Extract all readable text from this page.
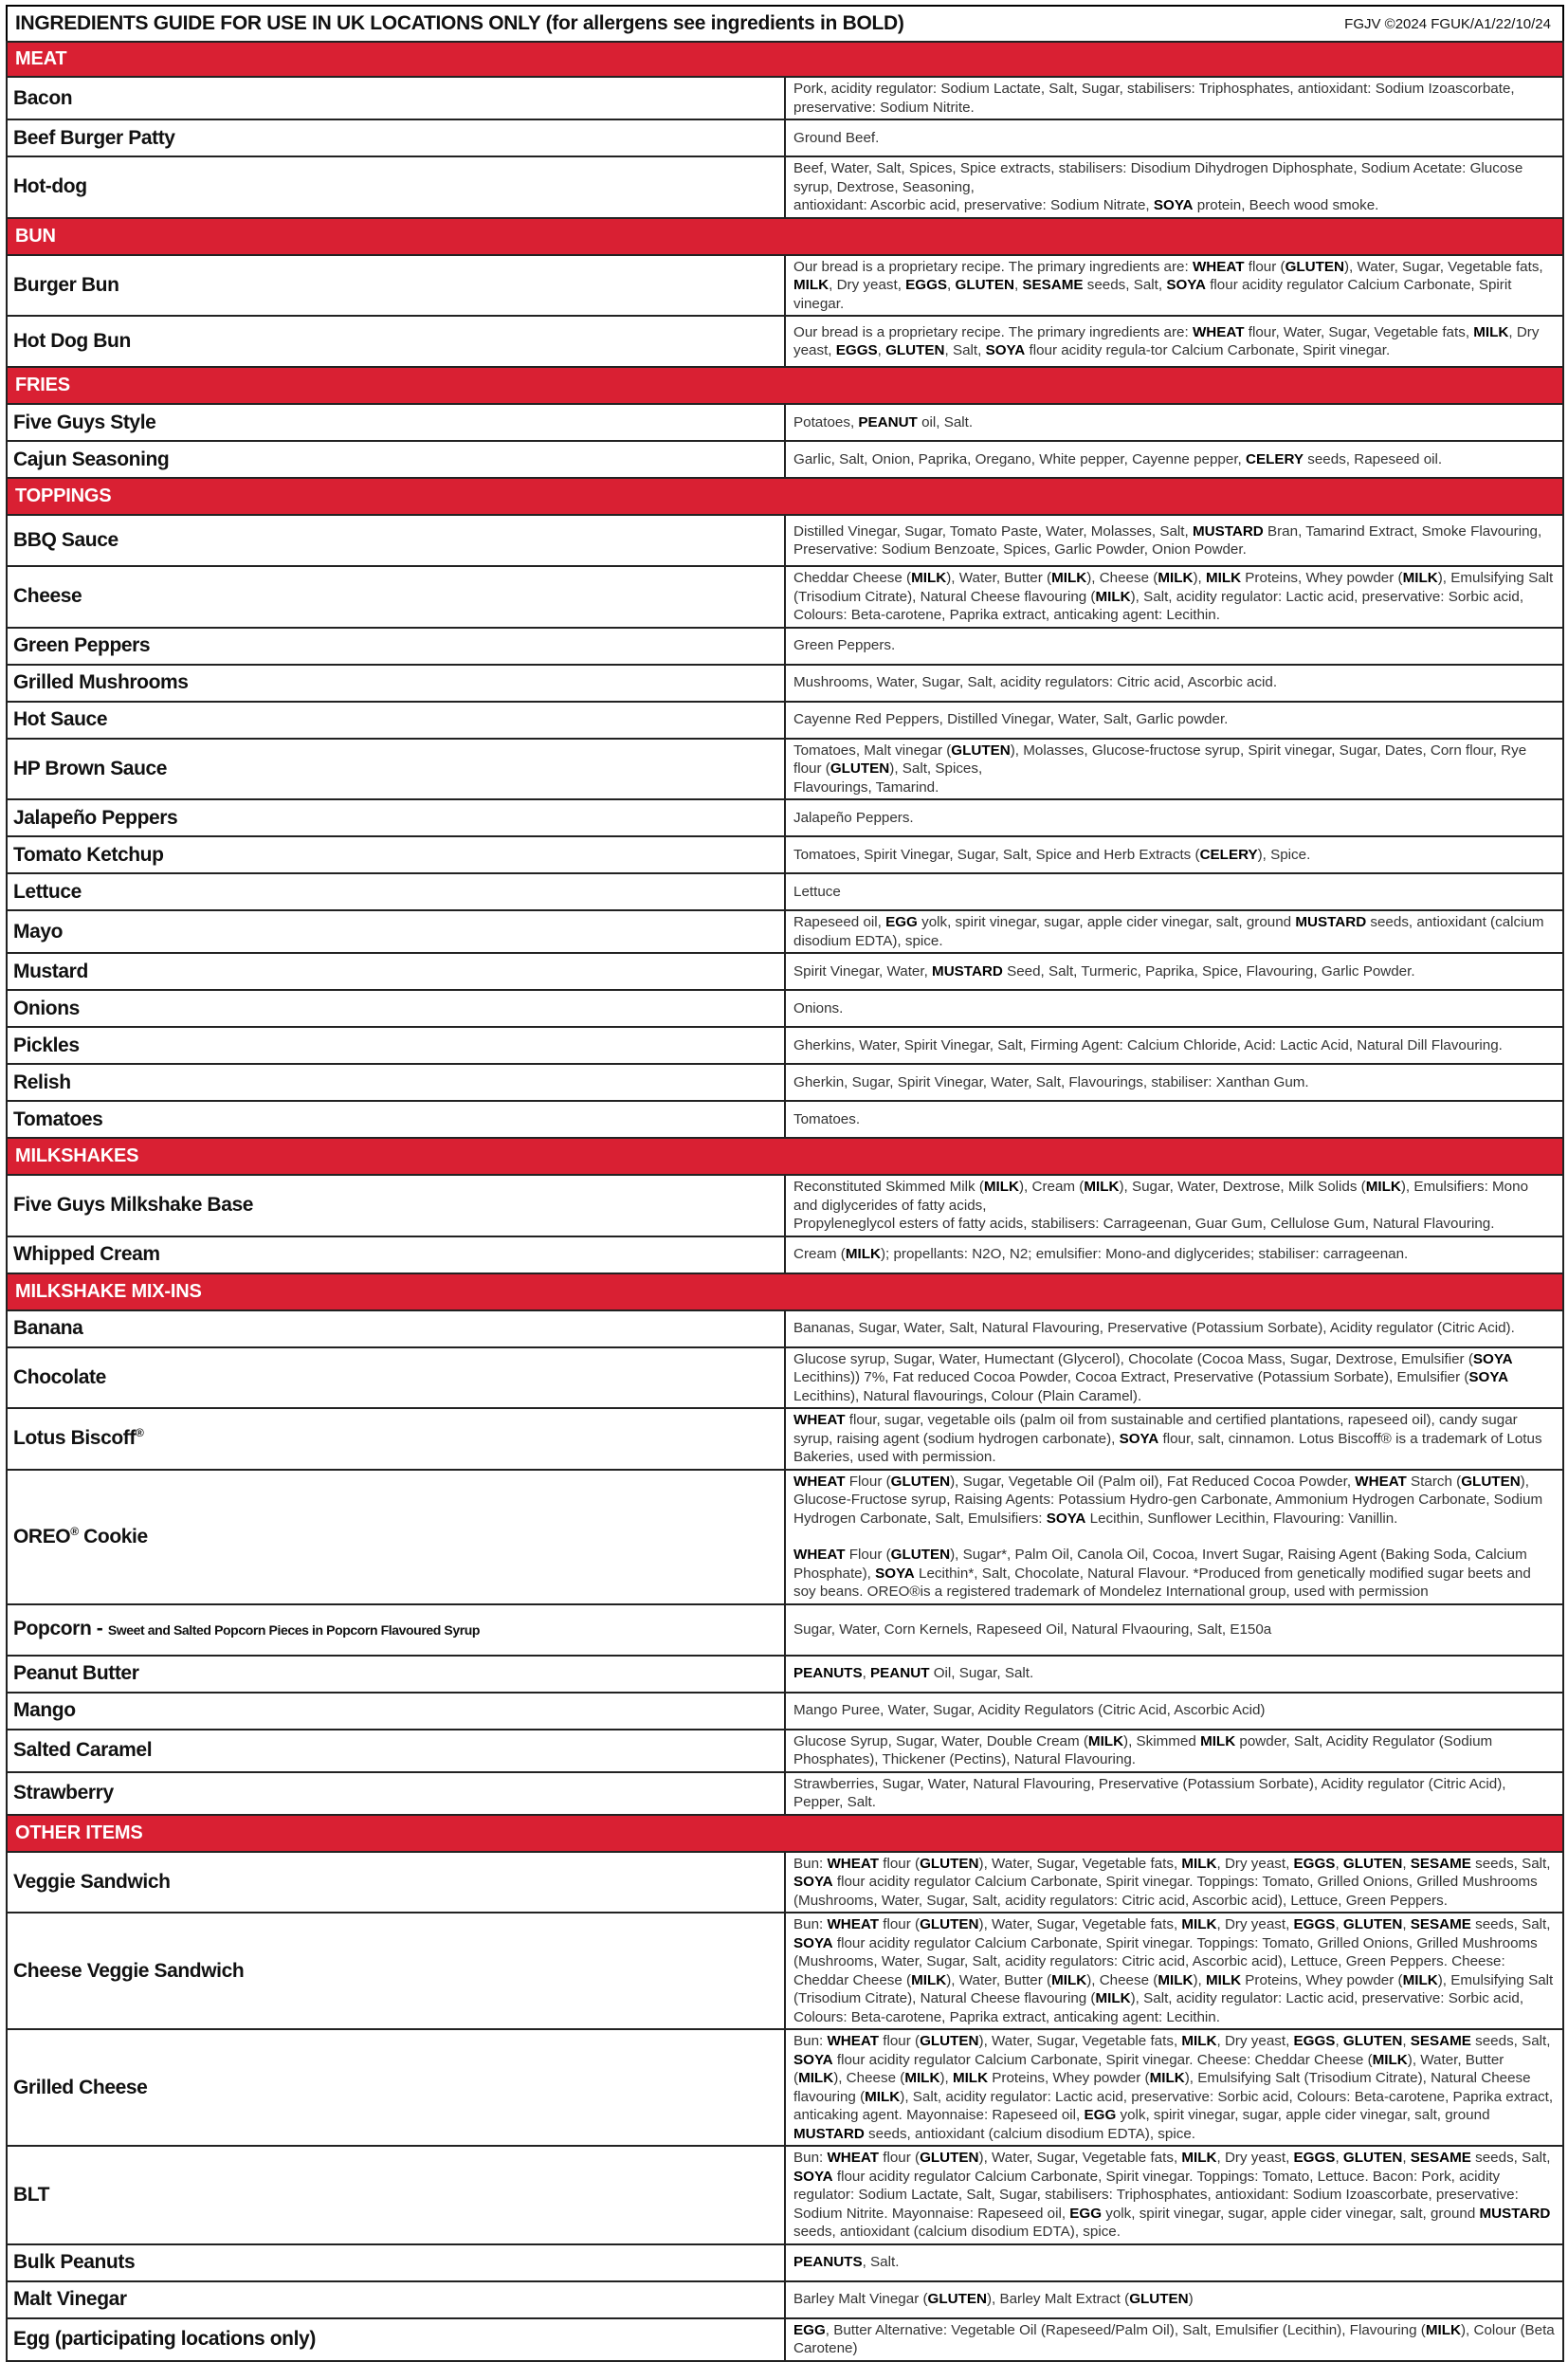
INGREDIENTS GUIDE FOR USE IN UK LOCATIONS ONLY (for allergens see ingredients in BOLD)	FGJV ©2024 FGUK/A1/22/10/24
MEAT	
Bacon	Pork, acidity regulator: Sodium Lactate, Salt, Sugar, stabilisers: Triphosphates, antioxidant: Sodium Izoascorbate, preservative: Sodium Nitrite.
Beef Burger Patty	Ground Beef.
Hot-dog	Beef, Water, Salt, Spices, Spice extracts, stabilisers: Disodium Dihydrogen Diphosphate, Sodium Acetate: Glucose syrup, Dextrose, Seasoning,
antioxidant: Ascorbic acid, preservative: Sodium Nitrate, SOYA protein, Beech wood smoke.
BUN	
Burger Bun	Our bread is a proprietary recipe. The primary ingredients are: WHEAT flour (GLUTEN), Water, Sugar, Vegetable fats, MILK, Dry yeast, EGGS, GLUTEN, SESAME seeds, Salt, SOYA flour acidity regulator Calcium Carbonate, Spirit vinegar.
Hot Dog Bun	Our bread is a proprietary recipe. The primary ingredients are: WHEAT flour, Water, Sugar, Vegetable fats, MILK, Dry yeast, EGGS, GLUTEN, Salt, SOYA flour acidity regula-tor Calcium Carbonate, Spirit vinegar.
FRIES	
Five Guys Style	Potatoes, PEANUT oil, Salt.
Cajun Seasoning	Garlic, Salt, Onion, Paprika, Oregano, White pepper, Cayenne pepper, CELERY seeds, Rapeseed oil.
TOPPINGS	
BBQ Sauce	Distilled Vinegar, Sugar, Tomato Paste, Water, Molasses, Salt, MUSTARD Bran, Tamarind Extract, Smoke Flavouring, Preservative: Sodium Benzoate, Spices, Garlic Powder, Onion Powder.
Cheese	Cheddar Cheese (MILK), Water, Butter (MILK), Cheese (MILK), MILK Proteins, Whey powder (MILK), Emulsifying Salt (Trisodium Citrate), Natural Cheese flavouring (MILK), Salt, acidity regulator: Lactic acid, preservative: Sorbic acid, Colours: Beta-carotene, Paprika extract, anticaking agent: Lecithin.
Green Peppers	Green Peppers.
Grilled Mushrooms	Mushrooms, Water, Sugar, Salt, acidity regulators: Citric acid, Ascorbic acid.
Hot Sauce	Cayenne Red Peppers, Distilled Vinegar, Water, Salt, Garlic powder.
HP Brown Sauce	Tomatoes, Malt vinegar (GLUTEN), Molasses, Glucose-fructose syrup, Spirit vinegar, Sugar, Dates, Corn flour, Rye flour (GLUTEN), Salt, Spices,
Flavourings, Tamarind.
Jalapeño Peppers	Jalapeño Peppers.
Tomato Ketchup	Tomatoes, Spirit Vinegar, Sugar, Salt, Spice and Herb Extracts (CELERY), Spice.
Lettuce	Lettuce
Mayo	Rapeseed oil, EGG yolk, spirit vinegar, sugar, apple cider vinegar, salt, ground MUSTARD seeds, antioxidant (calcium disodium EDTA), spice.
Mustard	Spirit Vinegar, Water, MUSTARD Seed, Salt, Turmeric, Paprika, Spice, Flavouring, Garlic Powder.
Onions	Onions.
Pickles	Gherkins, Water, Spirit Vinegar, Salt, Firming Agent: Calcium Chloride, Acid: Lactic Acid, Natural Dill Flavouring.
Relish	Gherkin, Sugar, Spirit Vinegar, Water, Salt, Flavourings, stabiliser: Xanthan Gum.
Tomatoes	Tomatoes.
MILKSHAKES	
Five Guys Milkshake Base	Reconstituted Skimmed Milk (MILK), Cream (MILK), Sugar, Water, Dextrose, Milk Solids (MILK), Emulsifiers: Mono and diglycerides of fatty acids,
Propyleneglycol esters of fatty acids, stabilisers: Carrageenan, Guar Gum, Cellulose Gum, Natural Flavouring.
Whipped Cream	Cream (MILK); propellants: N2O, N2; emulsifier: Mono-and diglycerides; stabiliser: carrageenan.
MILKSHAKE MIX-INS	
Banana	Bananas, Sugar, Water, Salt, Natural Flavouring, Preservative (Potassium Sorbate), Acidity regulator (Citric Acid).
Chocolate	Glucose syrup, Sugar, Water, Humectant (Glycerol), Chocolate (Cocoa Mass, Sugar, Dextrose, Emulsifier (SOYA Lecithins)) 7%, Fat reduced Cocoa Powder, Cocoa Extract, Preservative (Potassium Sorbate), Emulsifier (SOYA Lecithins), Natural flavourings, Colour (Plain Caramel).
Lotus Biscoff®	WHEAT flour, sugar, vegetable oils (palm oil from sustainable and certified plantations, rapeseed oil), candy sugar syrup, raising agent (sodium hydrogen carbonate), SOYA flour, salt, cinnamon. Lotus Biscoff® is a trademark of Lotus Bakeries, used with permission.
OREO® Cookie	WHEAT Flour (GLUTEN), Sugar, Vegetable Oil (Palm oil), Fat Reduced Cocoa Powder, WHEAT Starch (GLUTEN), Glucose-Fructose syrup, Raising Agents: Potassium Hydro-gen Carbonate, Ammonium Hydrogen Carbonate, Sodium Hydrogen Carbonate, Salt, Emulsifiers: SOYA Lecithin, Sunflower Lecithin, Flavouring: Vanillin.
WHEAT Flour (GLUTEN), Sugar*, Palm Oil, Canola Oil, Cocoa, Invert Sugar, Raising Agent (Baking Soda, Calcium Phosphate), SOYA Lecithin*, Salt, Chocolate, Natural Flavour. *Produced from genetically modified sugar beets and soy beans. OREO®is a registered trademark of Mondelez International group, used with permission
Popcorn - Sweet and Salted Popcorn Pieces in Popcorn Flavoured Syrup	Sugar, Water, Corn Kernels, Rapeseed Oil, Natural Flvaouring, Salt, E150a
Peanut Butter	PEANUTS, PEANUT Oil, Sugar, Salt.
Mango	Mango Puree, Water, Sugar, Acidity Regulators (Citric Acid, Ascorbic Acid)
Salted Caramel	Glucose Syrup, Sugar, Water, Double Cream (MILK), Skimmed MILK powder, Salt, Acidity Regulator (Sodium Phosphates), Thickener (Pectins), Natural Flavouring.
Strawberry	Strawberries, Sugar, Water, Natural Flavouring, Preservative (Potassium Sorbate), Acidity regulator (Citric Acid), Pepper, Salt.
OTHER ITEMS	
Veggie Sandwich	Bun: WHEAT flour (GLUTEN), Water, Sugar, Vegetable fats, MILK, Dry yeast, EGGS, GLUTEN, SESAME seeds, Salt, SOYA flour acidity regulator Calcium Carbonate, Spirit vinegar. Toppings: Tomato, Grilled Onions, Grilled Mushrooms (Mushrooms, Water, Sugar, Salt, acidity regulators: Citric acid, Ascorbic acid), Lettuce, Green Peppers.
Cheese Veggie Sandwich	Bun: WHEAT flour (GLUTEN), Water, Sugar, Vegetable fats, MILK, Dry yeast, EGGS, GLUTEN, SESAME seeds, Salt, SOYA flour acidity regulator Calcium Carbonate, Spirit vinegar. Toppings: Tomato, Grilled Onions, Grilled Mushrooms (Mushrooms, Water, Sugar, Salt, acidity regulators: Citric acid, Ascorbic acid), Lettuce, Green Peppers. Cheese: Cheddar Cheese (MILK), Water, Butter (MILK), Cheese (MILK), MILK Proteins, Whey powder (MILK), Emulsifying Salt (Trisodium Citrate), Natural Cheese flavouring (MILK), Salt, acidity regulator: Lactic acid, preservative: Sorbic acid, Colours: Beta-carotene, Paprika extract, anticaking agent: Lecithin.
Grilled Cheese	Bun: WHEAT flour (GLUTEN), Water, Sugar, Vegetable fats, MILK, Dry yeast, EGGS, GLUTEN, SESAME seeds, Salt, SOYA flour acidity regulator Calcium Carbonate, Spirit vinegar. Cheese: Cheddar Cheese (MILK), Water, Butter (MILK), Cheese (MILK), MILK Proteins, Whey powder (MILK), Emulsifying Salt (Trisodium Citrate), Natural Cheese flavouring (MILK), Salt, acidity regulator: Lactic acid, preservative: Sorbic acid, Colours: Beta-carotene, Paprika extract, anticaking agent. Mayonnaise: Rapeseed oil, EGG yolk, spirit vinegar, sugar, apple cider vinegar, salt, ground MUSTARD seeds, antioxidant (calcium disodium EDTA), spice.
BLT	Bun: WHEAT flour (GLUTEN), Water, Sugar, Vegetable fats, MILK, Dry yeast, EGGS, GLUTEN, SESAME seeds, Salt, SOYA flour acidity regulator Calcium Carbonate, Spirit vinegar. Toppings: Tomato, Lettuce. Bacon: Pork, acidity regulator: Sodium Lactate, Salt, Sugar, stabilisers: Triphosphates, antioxidant: Sodium Izoascorbate, preservative: Sodium Nitrite. Mayonnaise: Rapeseed oil, EGG yolk, spirit vinegar, sugar, apple cider vinegar, salt, ground MUSTARD seeds, antioxidant (calcium disodium EDTA), spice.
Bulk Peanuts	PEANUTS, Salt.
Malt Vinegar	Barley Malt Vinegar (GLUTEN), Barley Malt Extract (GLUTEN)
Egg (participating locations only)	EGG, Butter Alternative: Vegetable Oil (Rapeseed/Palm Oil), Salt, Emulsifier (Lecithin), Flavouring (MILK), Colour (Beta Carotene)
